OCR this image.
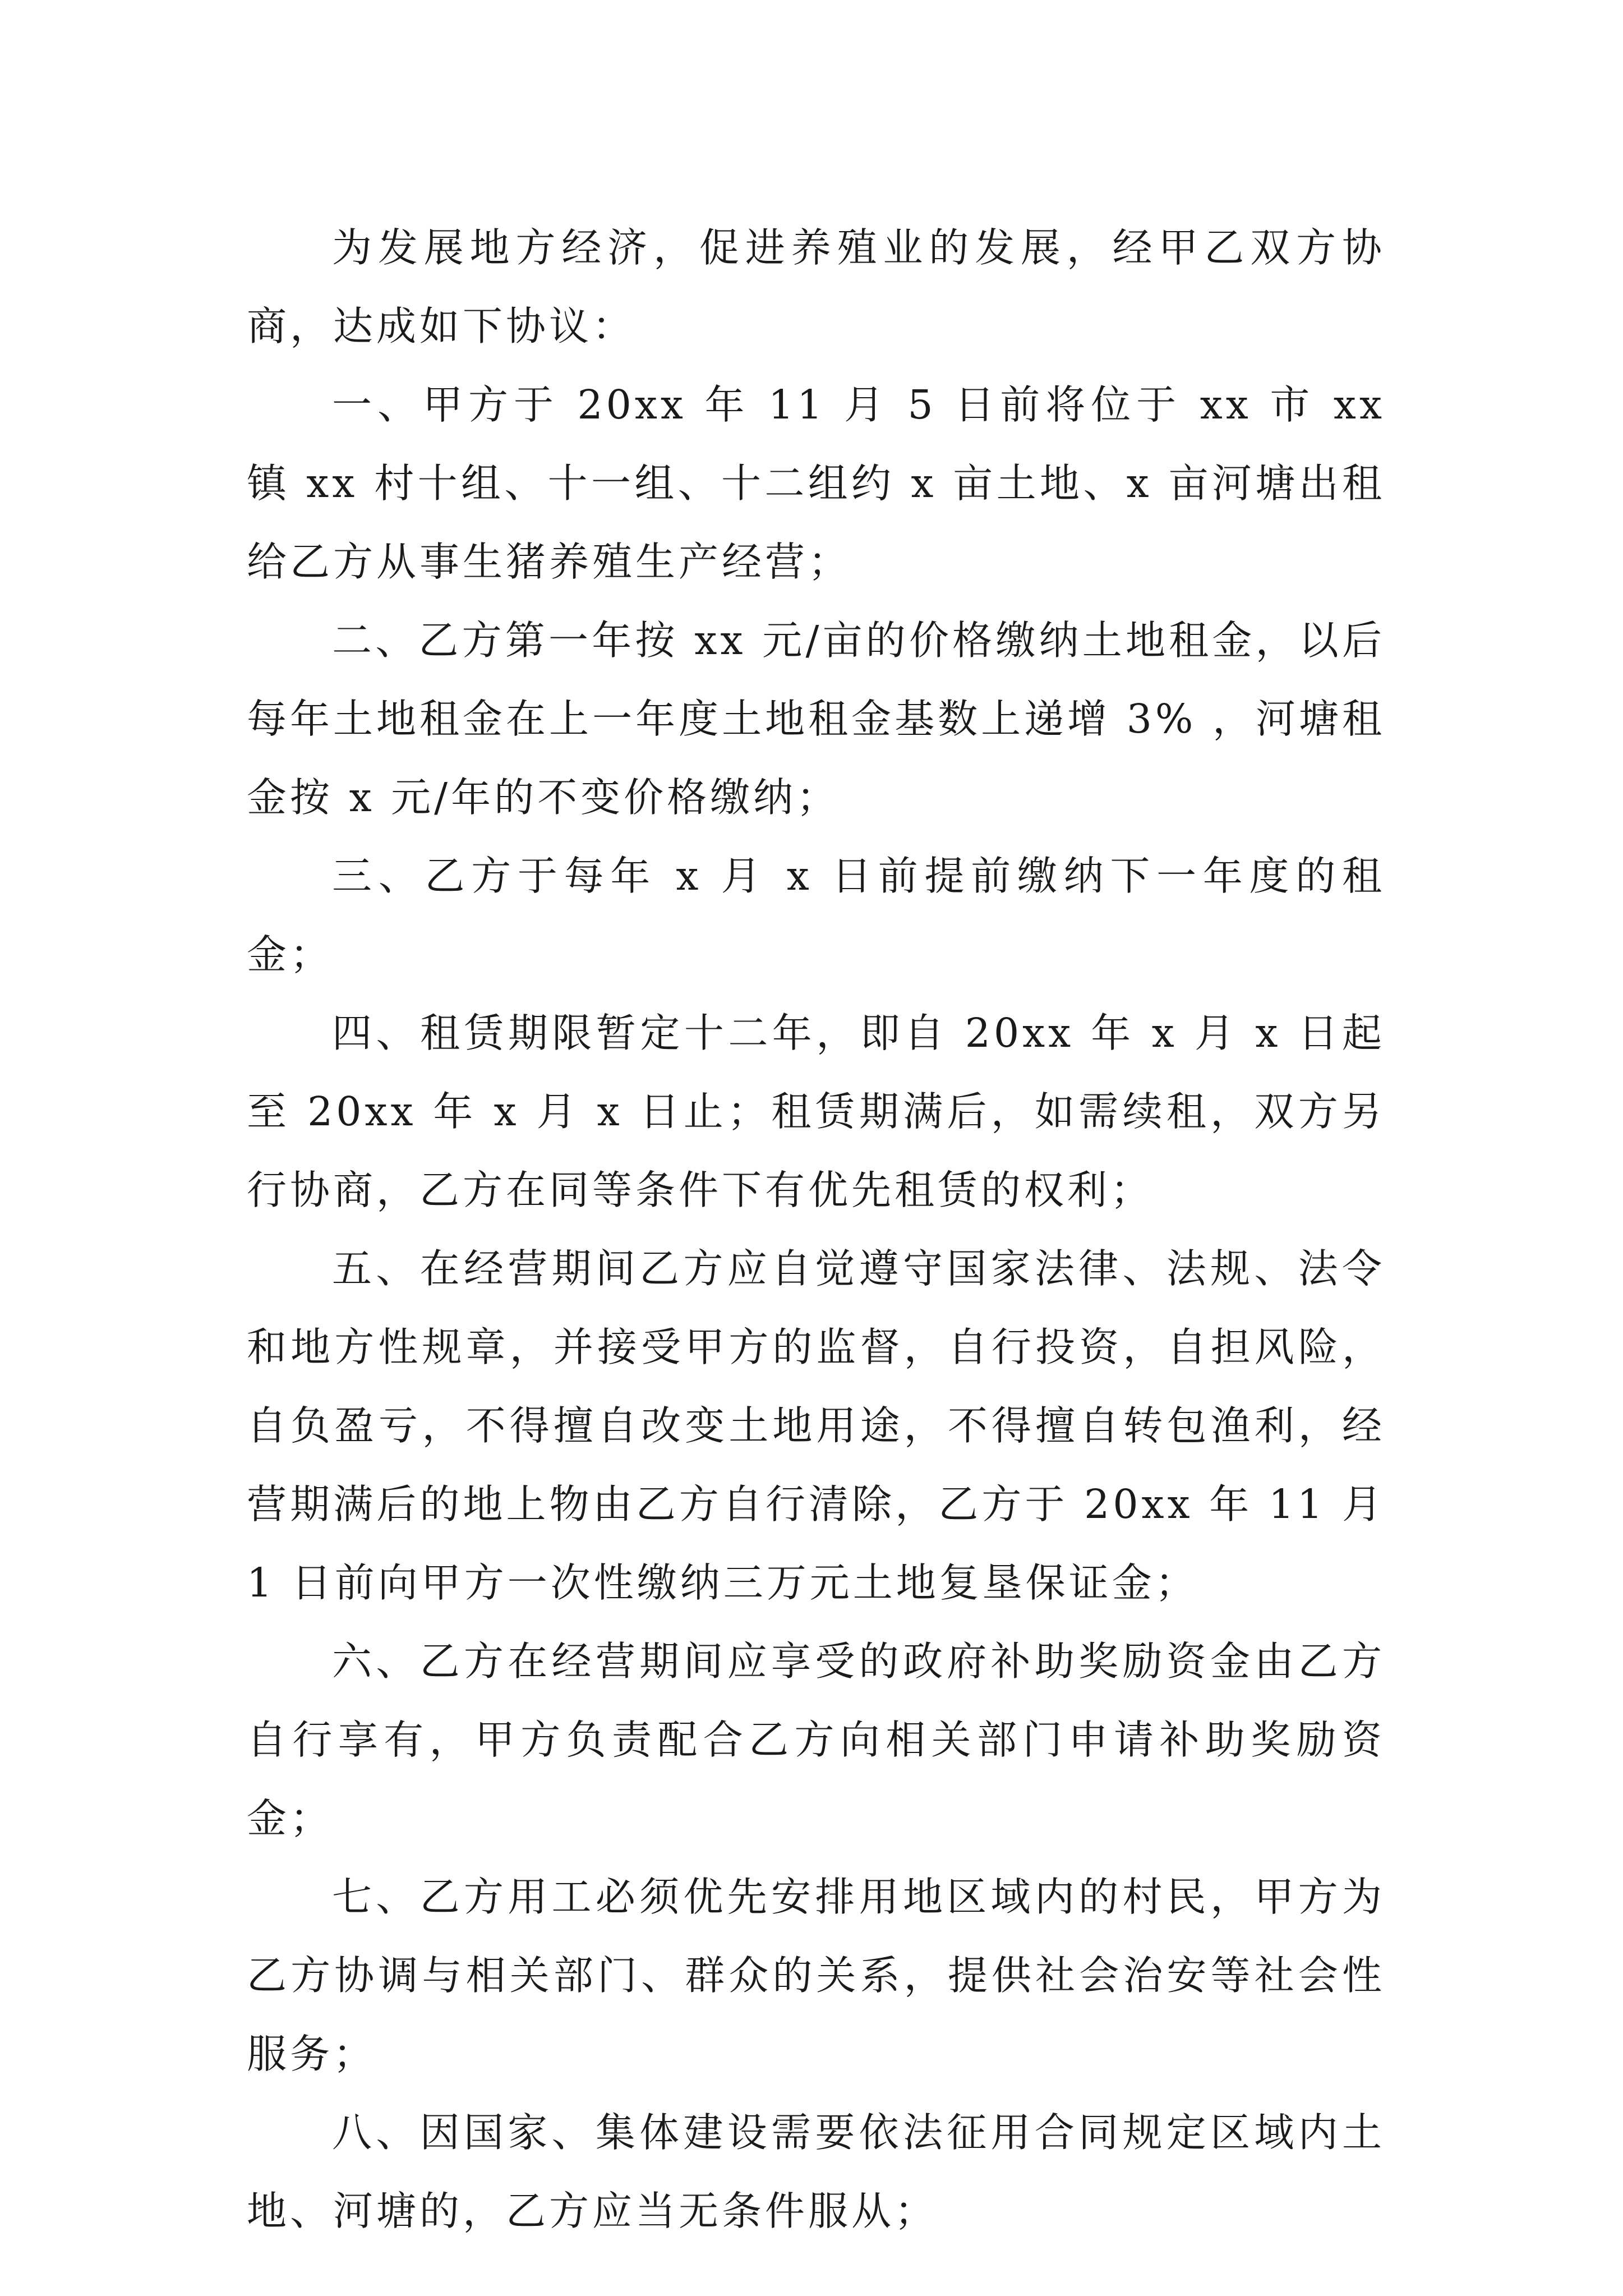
为发展地方经济，促进养殖业的发展，经甲乙双方协商，达成如下协议：

一、甲方于 20xx 年 11 月 5 日前将位于 xx 市 xx 镇 xx 村十组、十一组、十二组约 x 亩土地、x 亩河塘出租给乙方从事生猪养殖生产经营；

二、乙方第一年按 xx 元/亩的价格缴纳土地租金，以后每年土地租金在上一年度土地租金基数上递增 3% ，河塘租金按 x 元/年的不变价格缴纳；

三、乙方于每年 x 月 x 日前提前缴纳下一年度的租金；

四、租赁期限暂定十二年，即自 20xx 年 x 月 x 日起至 20xx 年 x 月 x 日止；租赁期满后，如需续租，双方另行协商，乙方在同等条件下有优先租赁的权利；

五、在经营期间乙方应自觉遵守国家法律、法规、法令和地方性规章，并接受甲方的监督，自行投资，自担风险，自负盈亏，不得擅自改变土地用途，不得擅自转包渔利，经营期满后的地上物由乙方自行清除，乙方于 20xx 年 11 月 1 日前向甲方一次性缴纳三万元土地复垦保证金；

六、乙方在经营期间应享受的政府补助奖励资金由乙方自行享有，甲方负责配合乙方向相关部门申请补助奖励资金；

七、乙方用工必须优先安排用地区域内的村民，甲方为乙方协调与相关部门、群众的关系，提供社会治安等社会性服务；

八、因国家、集体建设需要依法征用合同规定区域内土地、河塘的，乙方应当无条件服从；
